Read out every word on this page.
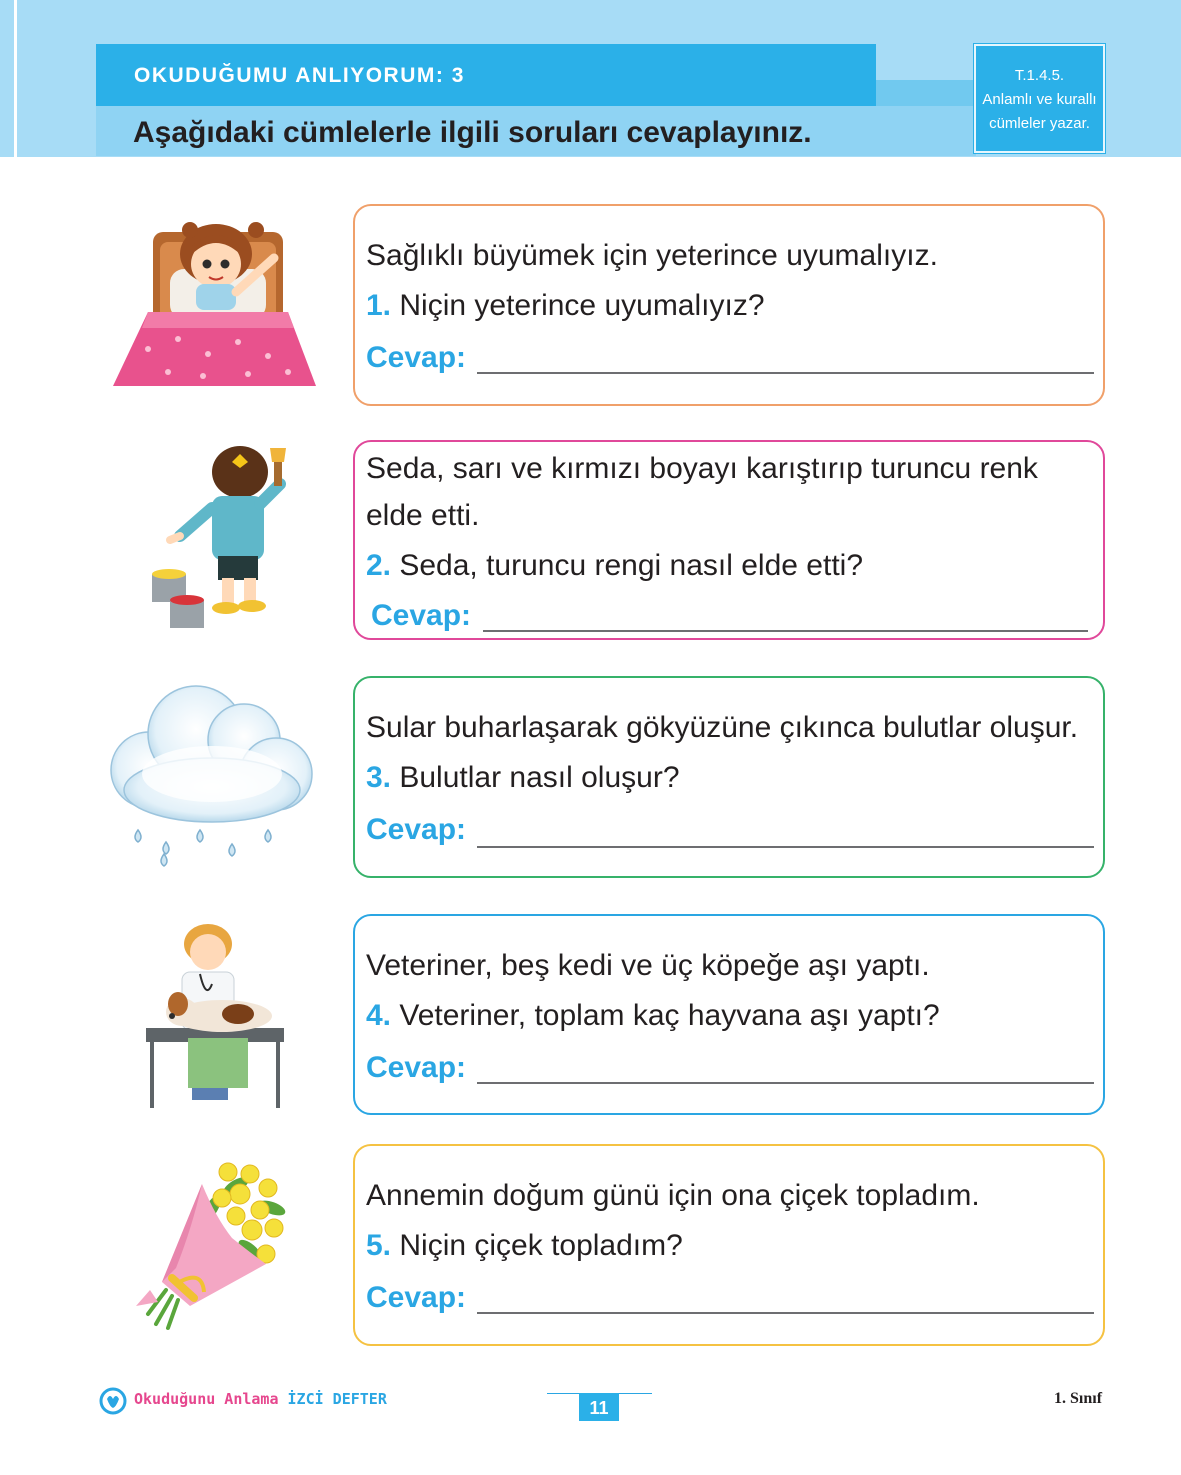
OKUDUĞUMU ANLIYORUM: 3
Aşağıdaki cümlelerle ilgili soruları cevaplayınız.
T.1.4.5.
Anlamlı ve kurallı
cümleler yazar.
Sağlıklı büyümek için yeterince uyumalıyız.
1. Niçin yeterince uyumalıyız?
Cevap:
Seda, sarı ve kırmızı boyayı karıştırıp turuncu renk
elde etti.
2. Seda, turuncu rengi nasıl elde etti?
Cevap:
Sular buharlaşarak gökyüzüne çıkınca bulutlar oluşur.
3. Bulutlar nasıl oluşur?
Cevap:
Veteriner, beş kedi ve üç köpeğe aşı yaptı.
4. Veteriner, toplam kaç hayvana aşı yaptı?
Cevap:
Annemin doğum günü için ona çiçek topladım.
5. Niçin çiçek topladım?
Cevap:
Okuduğunu Anlama İZCİ DEFTER	11	1. Sınıf
